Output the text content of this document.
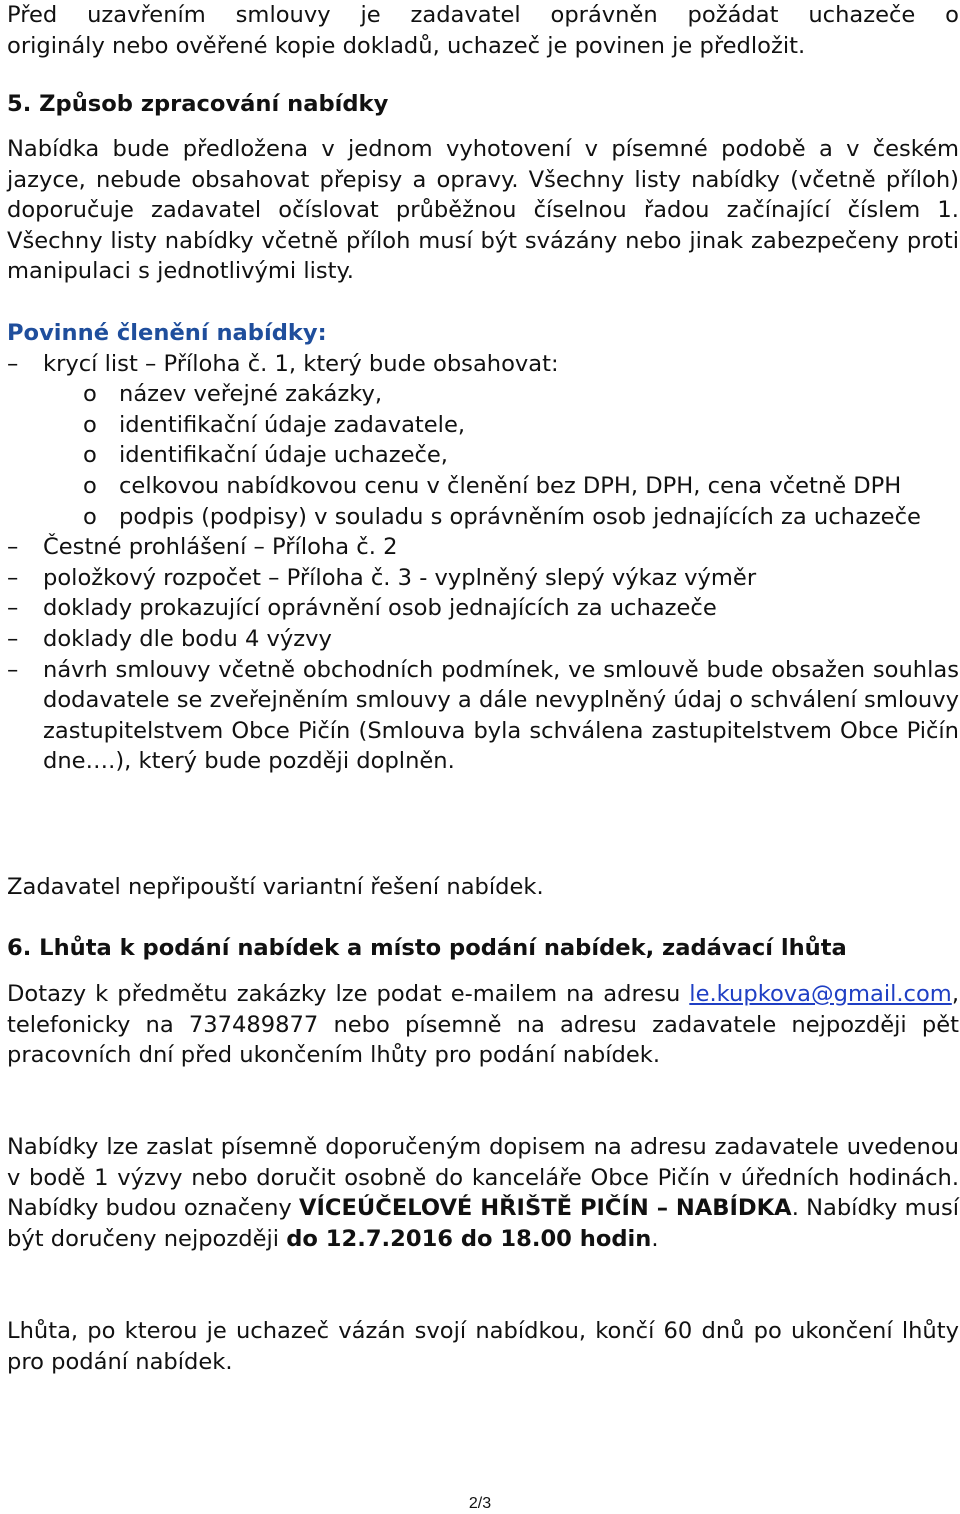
Před uzavřením smlouvy je zadavatel oprávněn požádat uchazeče o

originály nebo ověřené kopie dokladů, uchazeč je povinen je předložit.

5. Způsob zpracování nabídky

Nabídka bude předložena v jednom vyhotovení v písemné podobě a v českém jazyce, nebude obsahovat přepisy a opravy. Všechny listy nabídky (včetně příloh) doporučuje zadavatel očíslovat průběžnou číselnou řadou začínající číslem 1. Všechny listy nabídky včetně příloh musí být svázány nebo jinak zabezpečeny proti manipulaci s jednotlivými listy.

Povinné členění nabídky:

– krycí list – Příloha č. 1, který bude obsahovat:
o název veřejné zakázky,
o identifikační údaje zadavatele,
o identifikační údaje uchazeče,
o celkovou nabídkovou cenu v členění bez DPH, DPH, cena včetně DPH
o podpis (podpisy) v souladu s oprávněním osob jednajících za uchazeče
– Čestné prohlášení – Příloha č. 2
– položkový rozpočet – Příloha č. 3 - vyplněný slepý výkaz výměr
– doklady prokazující oprávnění osob jednajících za uchazeče
– doklady dle bodu 4 výzvy
– návrh smlouvy včetně obchodních podmínek, ve smlouvě bude obsažen souhlas dodavatele se zveřejněním smlouvy a dále nevyplněný údaj o schválení smlouvy zastupitelstvem Obce Pičín (Smlouva byla schválena zastupitelstvem Obce Pičín dne….), který bude později doplněn.

Zadavatel nepřipouští variantní řešení nabídek.

6. Lhůta k podání nabídek a místo podání nabídek, zadávací lhůta

Dotazy k předmětu zakázky lze podat e-mailem na adresu le.kupkova@gmail.com, telefonicky na 737489877 nebo písemně na adresu zadavatele nejpozději pět pracovních dní před ukončením lhůty pro podání nabídek.

Nabídky lze zaslat písemně doporučeným dopisem na adresu zadavatele uvedenou v bodě 1 výzvy nebo doručit osobně do kanceláře Obce Pičín v úředních hodinách. Nabídky budou označeny VÍCEÚČELOVÉ HŘIŠTĚ PIČÍN – NABÍDKA. Nabídky musí být doručeny nejpozději do 12.7.2016 do 18.00 hodin.

Lhůta, po kterou je uchazeč vázán svojí nabídkou, končí 60 dnů po ukončení lhůty pro podání nabídek.

2/3
